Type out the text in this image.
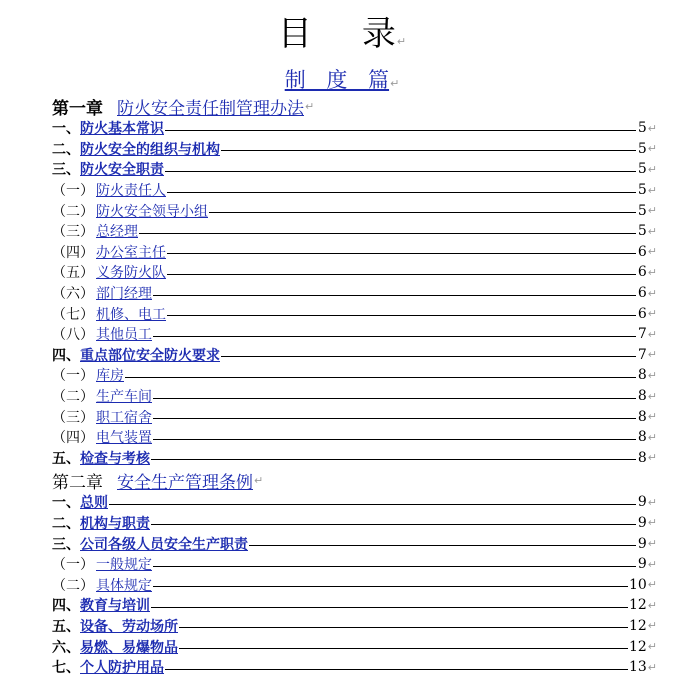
目 录↵
制 度 篇↵
第一章 防火安全责任制管理办法 ↵
一、防火基本常识	5 ↵
二、防火安全的组织与机构	5 ↵
三、防火安全职责	5 ↵
（一） 防火责任人	5 ↵
（二） 防火安全领导小组	5 ↵
（三） 总经理	5 ↵
（四） 办公室主任	6 ↵
（五） 义务防火队	6 ↵
（六） 部门经理	6 ↵
（七） 机修、电工	6 ↵
（八） 其他员工	7 ↵
四、重点部位安全防火要求	7 ↵
（一） 库房	8 ↵
（二） 生产车间	8 ↵
（三） 职工宿舍	8 ↵
（四） 电气装置	8 ↵
五、检查与考核	8 ↵
第二章 安全生产管理条例 ↵
一、总则	9 ↵
二、机构与职责	9 ↵
三、公司各级人员安全生产职责	9 ↵
（一） 一般规定	9 ↵
（二） 具体规定	10 ↵
四、教育与培训	12 ↵
五、设备、劳动场所	12 ↵
六、易燃、易爆物品	12 ↵
七、个人防护用品	13 ↵
